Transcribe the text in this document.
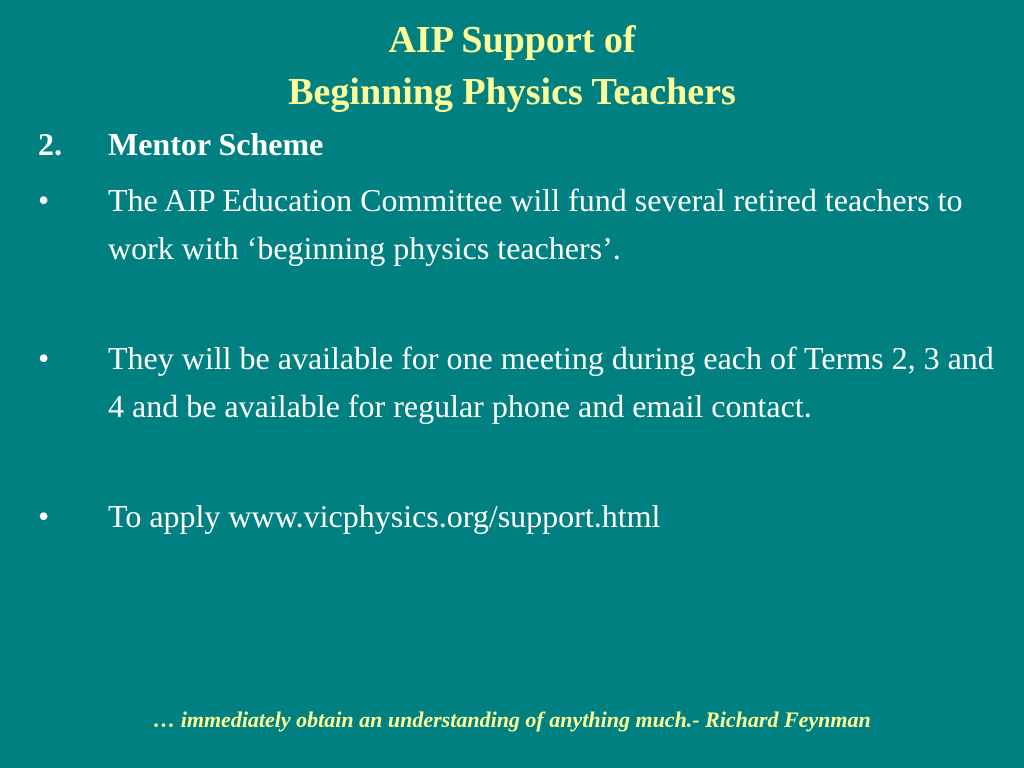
AIP Support of
Beginning Physics Teachers
2.	Mentor Scheme
•	The AIP Education Committee will fund several retired teachers to work with ‘beginning physics teachers’.
•	They will be available for one meeting during each of Terms 2, 3 and 4 and be available for regular phone and email contact.
•	To apply www.vicphysics.org/support.html
… immediately obtain an understanding of anything much.- Richard Feynman
